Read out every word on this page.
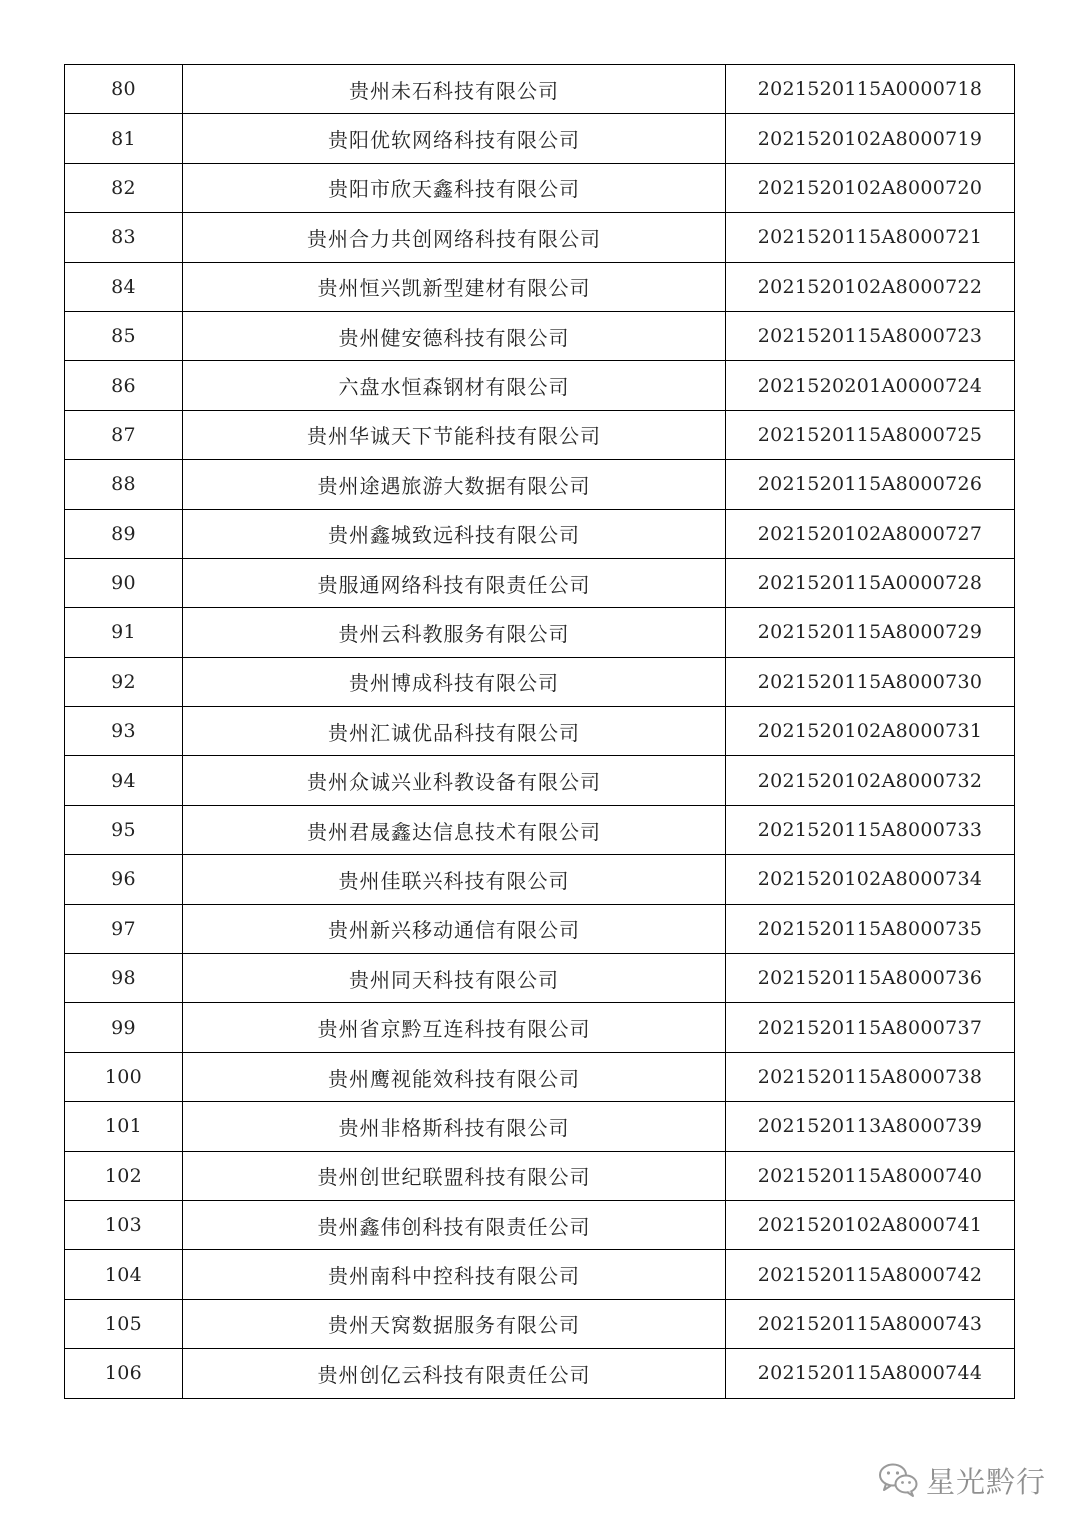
80	贵州未石科技有限公司	2021520115A0000718
81	贵阳优软网络科技有限公司	2021520102A8000719
82	贵阳市欣天鑫科技有限公司	2021520102A8000720
83	贵州合力共创网络科技有限公司	2021520115A8000721
84	贵州恒兴凯新型建材有限公司	2021520102A8000722
85	贵州健安德科技有限公司	2021520115A8000723
86	六盘水恒森钢材有限公司	2021520201A0000724
87	贵州华诚天下节能科技有限公司	2021520115A8000725
88	贵州途遇旅游大数据有限公司	2021520115A8000726
89	贵州鑫城致远科技有限公司	2021520102A8000727
90	贵服通网络科技有限责任公司	2021520115A0000728
91	贵州云科教服务有限公司	2021520115A8000729
92	贵州博成科技有限公司	2021520115A8000730
93	贵州汇诚优品科技有限公司	2021520102A8000731
94	贵州众诚兴业科教设备有限公司	2021520102A8000732
95	贵州君晟鑫达信息技术有限公司	2021520115A8000733
96	贵州佳联兴科技有限公司	2021520102A8000734
97	贵州新兴移动通信有限公司	2021520115A8000735
98	贵州同天科技有限公司	2021520115A8000736
99	贵州省京黔互连科技有限公司	2021520115A8000737
100	贵州鹰视能效科技有限公司	2021520115A8000738
101	贵州非格斯科技有限公司	2021520113A8000739
102	贵州创世纪联盟科技有限公司	2021520115A8000740
103	贵州鑫伟创科技有限责任公司	2021520102A8000741
104	贵州南科中控科技有限公司	2021520115A8000742
105	贵州天窝数据服务有限公司	2021520115A8000743
106	贵州创亿云科技有限责任公司	2021520115A8000744
星光黔行
